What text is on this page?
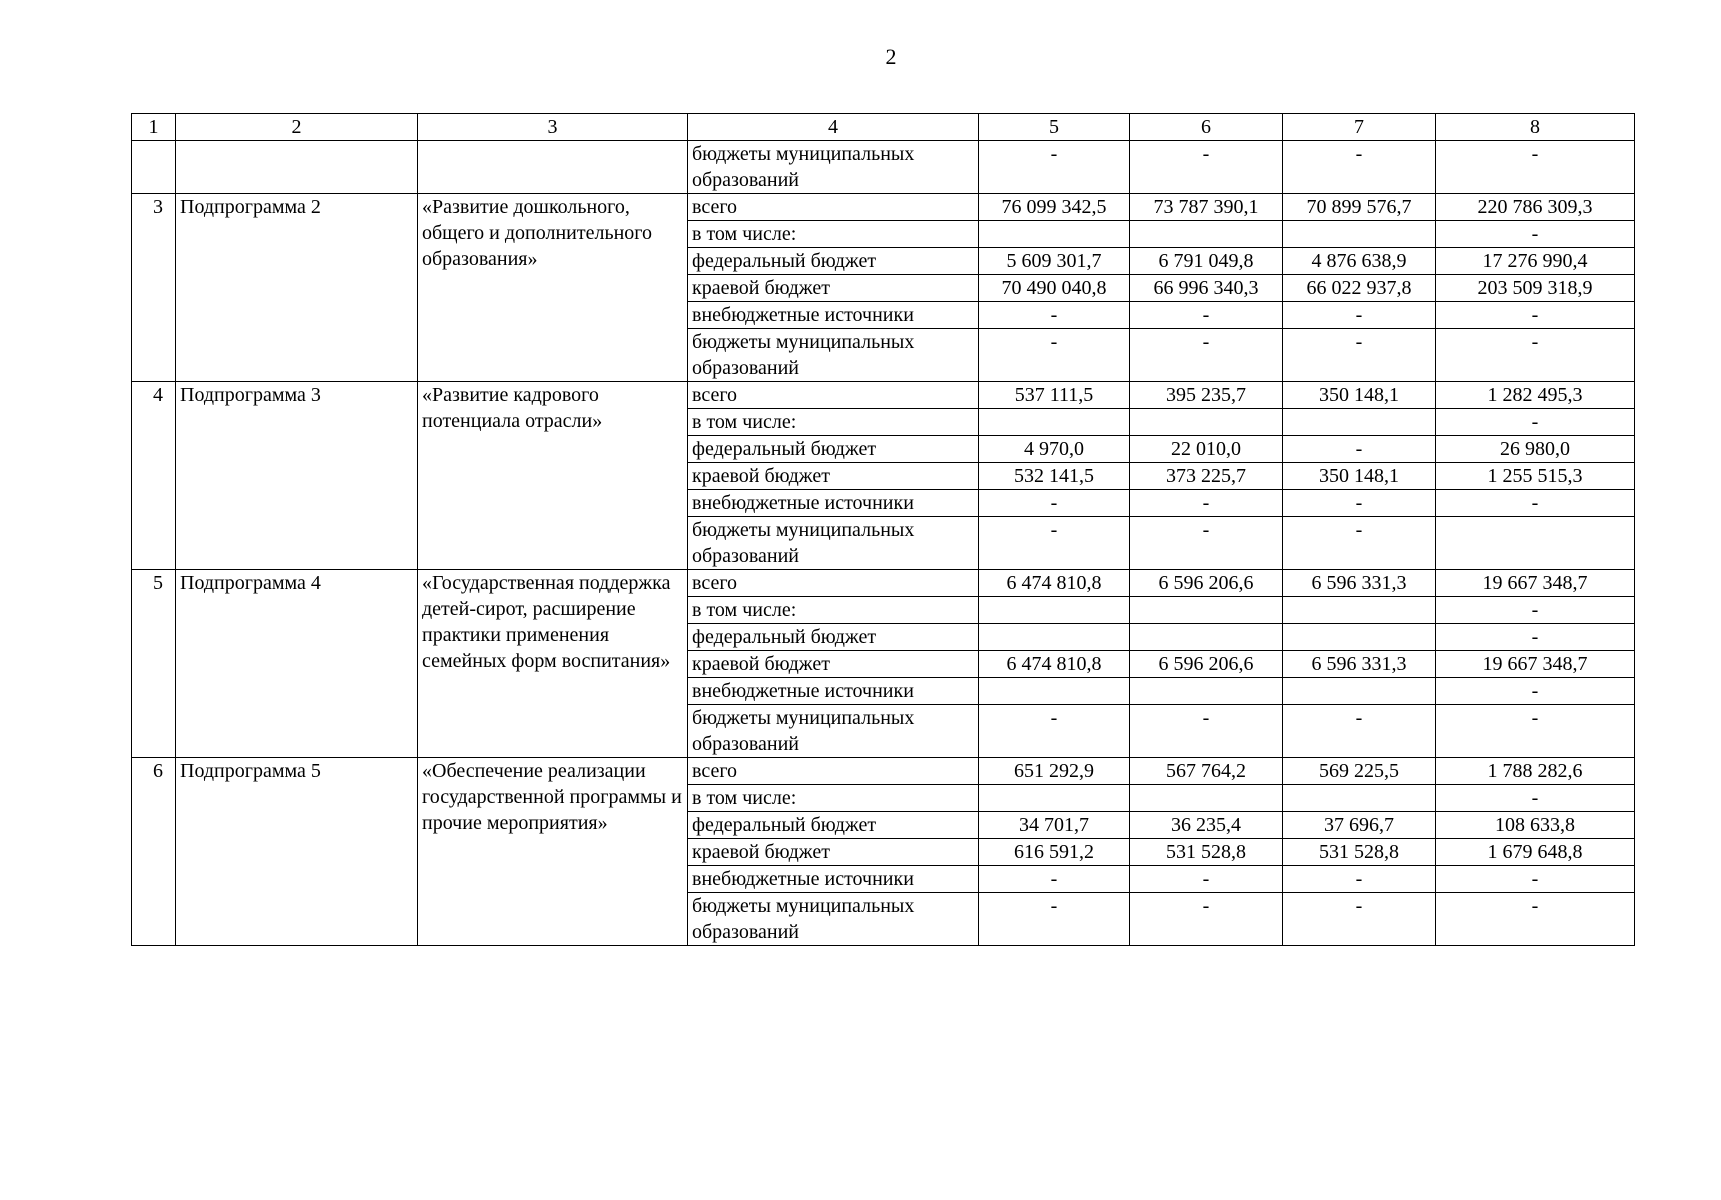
2
1	2	3	4	5	6	7	8
			бюджеты муниципальных образований	-	-	-	-
3	Подпрограмма 2	«Развитие дошкольного, общего и дополнительного образования»	всего	76 099 342,5	73 787 390,1	70 899 576,7	220 786 309,3
			в том числе:				-
			федеральный бюджет	5 609 301,7	6 791 049,8	4 876 638,9	17 276 990,4
			краевой бюджет	70 490 040,8	66 996 340,3	66 022 937,8	203 509 318,9
			внебюджетные источники	-	-	-	-
			бюджеты муниципальных образований	-	-	-	-
4	Подпрограмма 3	«Развитие кадрового потенциала отрасли»	всего	537 111,5	395 235,7	350 148,1	1 282 495,3
			в том числе:				-
			федеральный бюджет	4 970,0	22 010,0	-	26 980,0
			краевой бюджет	532 141,5	373 225,7	350 148,1	1 255 515,3
			внебюджетные источники	-	-	-	-
			бюджеты муниципальных образований	-	-	-	
5	Подпрограмма 4	«Государственная поддержка детей-сирот, расширение практики применения семейных форм воспитания»	всего	6 474 810,8	6 596 206,6	6 596 331,3	19 667 348,7
			в том числе:				-
			федеральный бюджет				-
			краевой бюджет	6 474 810,8	6 596 206,6	6 596 331,3	19 667 348,7
			внебюджетные источники				-
			бюджеты муниципальных образований	-	-	-	-
6	Подпрограмма 5	«Обеспечение реализации государственной программы и прочие мероприятия»	всего	651 292,9	567 764,2	569 225,5	1 788 282,6
			в том числе:				-
			федеральный бюджет	34 701,7	36 235,4	37 696,7	108 633,8
			краевой бюджет	616 591,2	531 528,8	531 528,8	1 679 648,8
			внебюджетные источники	-	-	-	-
			бюджеты муниципальных образований	-	-	-	-
